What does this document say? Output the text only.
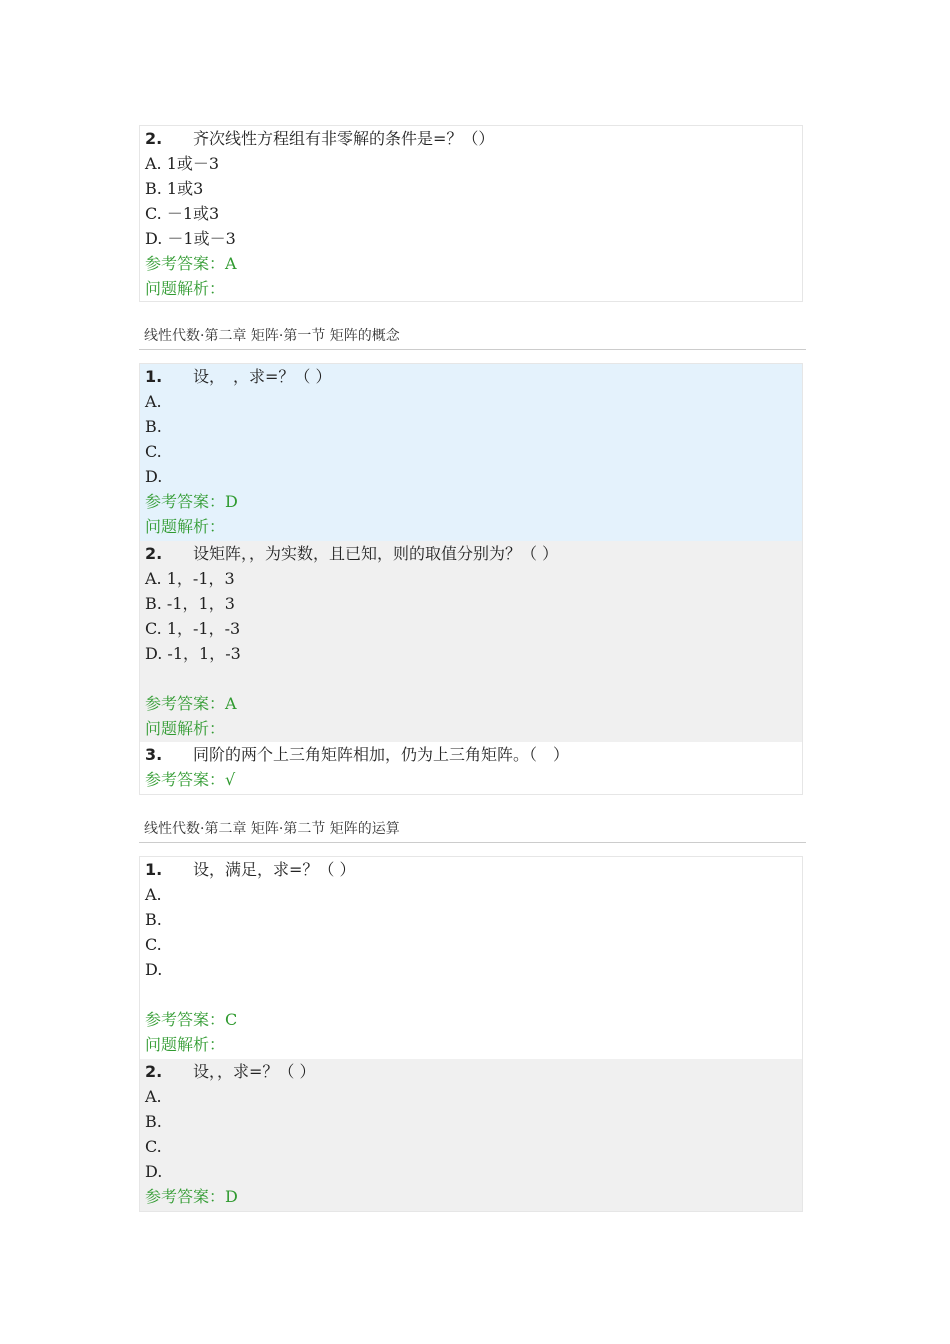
2. 齐次线性方程组有非零解的条件是=？（）
A. 1或－3
B. 1或3
C. －1或3
D. －1或－3
参考答案：A
问题解析：
线性代数·第二章 矩阵·第一节 矩阵的概念
1. 设，　，求=？（ ）
A.
B.
C.
D.
参考答案：D
问题解析：
2. 设矩阵，，为实数，且已知，则的取值分别为？（ ）
A. 1，-1，3
B. -1，1，3
C. 1，-1，-3
D. -1，1，-3
参考答案：A
问题解析：
3. 同阶的两个上三角矩阵相加，仍为上三角矩阵。（　）
参考答案：√
线性代数·第二章 矩阵·第二节 矩阵的运算
1. 设，满足，求=？（ ）
A.
B.
C.
D.
参考答案：C
问题解析：
2. 设，，求=？（ ）
A.
B.
C.
D.
参考答案：D
